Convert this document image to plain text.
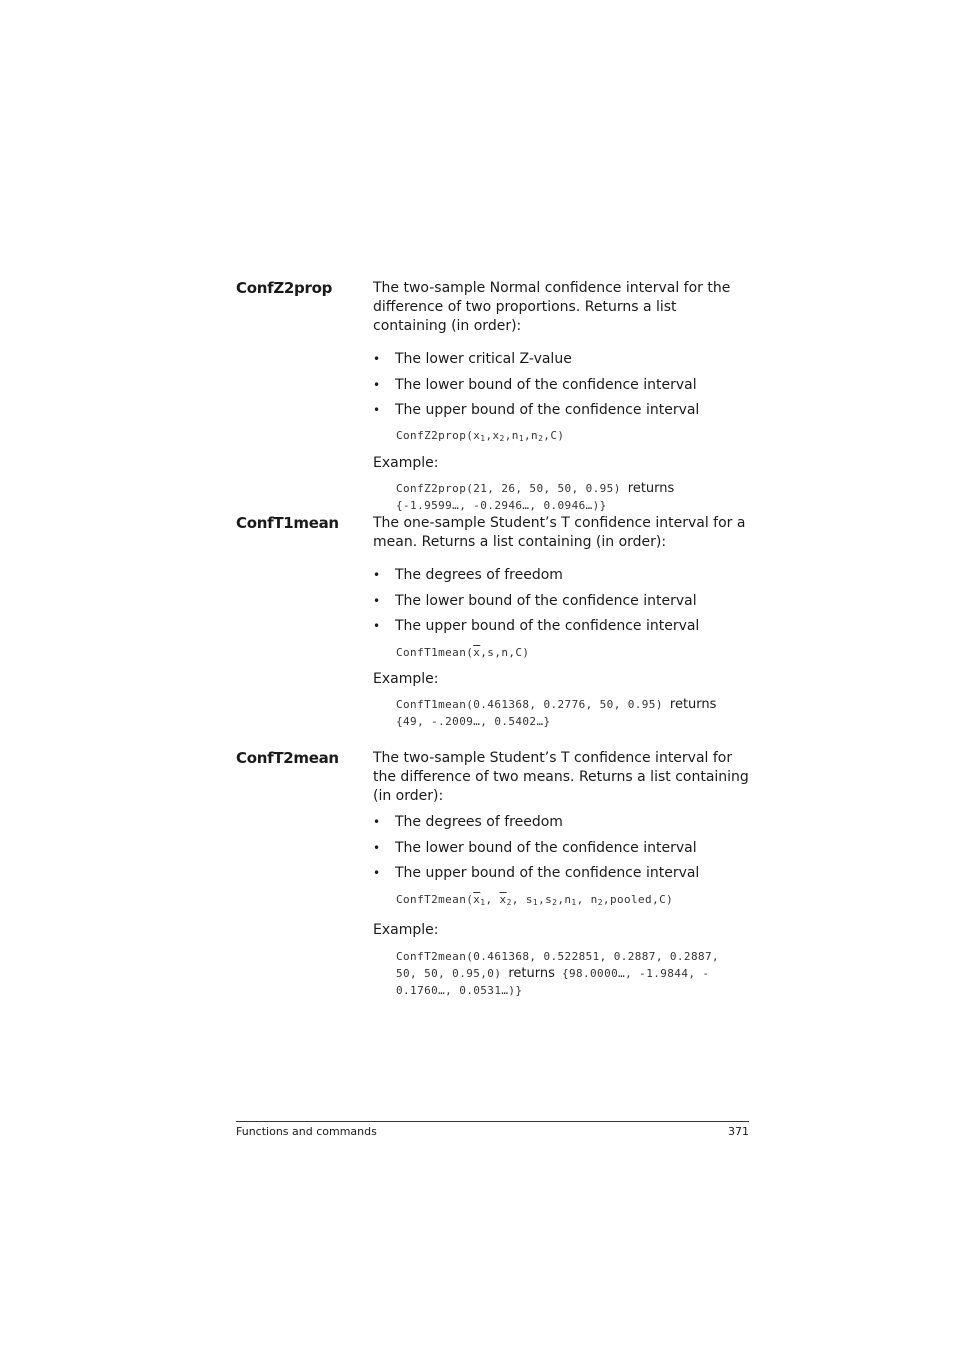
ConfZ2prop	The two-sample Normal confidence interval for the difference of two proportions. Returns a list containing (in order):

• The lower critical Z-value
• The lower bound of the confidence interval
• The upper bound of the confidence interval

$ConfZ2prop(x_1,x_2,n_1,n_2,C)$

Example:

ConfZ2prop(21, 26, 50, 50, 0.95) returns
{-1.9599…, -0.2946…, 0.0946…)}

ConfT1mean The one-sample Student’s T confidence interval for a mean. Returns a list containing (in order):

• The degrees of freedom
• The lower bound of the confidence interval
• The upper bound of the confidence interval

$ConfT1mean(\overline{x},s,n,C)$

Example:

ConfT1mean(0.461368, 0.2776, 50, 0.95) returns
{49, -.2009…, 0.5402…}

ConfT2mean The two-sample Student’s T confidence interval for the difference of two means. Returns a list containing (in order):

• The degrees of freedom
• The lower bound of the confidence interval
• The upper bound of the confidence interval

$ConfT2mean(\overline{x}_1$, $\overline{x}_2$, $s_1,s_2,n_1$, $n_2,pooled,C$)

Example:

ConfT2mean(0.461368, 0.522851, 0.2887, 0.2887,
50, 50, 0.95,0) returns {98.0000…, -1.9844, -
0.1760…, 0.0531…)}

Functions and commands	371
